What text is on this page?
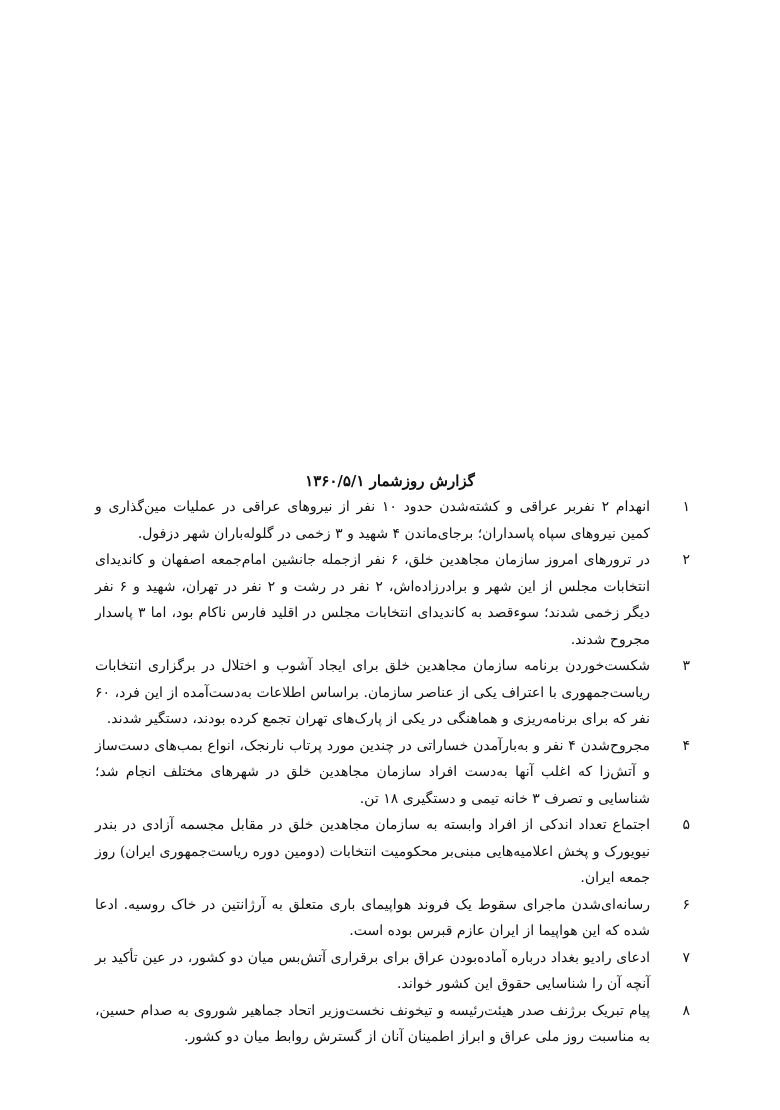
گزارش روزشمار ۱۳۶۰/۵/۱
۱
انهدام ۲ نفربر عراقی و کشته‌شدن حدود ۱۰ نفر از نیروهای عراقی در عملیات مین‌گذاری و کمین نیروهای سپاه پاسداران؛ برجای‌ماندن ۴ شهید و ۳ زخمی در گلوله‌باران شهر دزفول.
۲
در ترورهای امروز سازمان مجاهدین خلق، ۶ نفر ازجمله جانشین امام‌جمعه اصفهان و کاندیدای انتخابات مجلس از این شهر و برادرزاده‌اش، ۲ نفر در رشت و ۲ نفر در تهران، شهید و ۶ نفر دیگر زخمی شدند؛ سوءقصد به کاندیدای انتخابات مجلس در اقلید فارس ناکام بود، اما ۳ پاسدار مجروح شدند.
۳
شکست‌خوردن برنامه سازمان مجاهدین خلق برای ایجاد آشوب و اختلال در برگزاری انتخابات ریاست‌جمهوری با اعتراف یکی از عناصر سازمان. براساس اطلاعات به‌دست‌آمده از این فرد، ۶۰ نفر که برای برنامه‌ریزی و هماهنگی در یکی از پارک‌های تهران تجمع کرده بودند، دستگیر شدند.
۴
مجروح‌شدن ۴ نفر و به‌بارآمدن خساراتی در چندین مورد پرتاب نارنجک، انواع بمب‌های دست‌ساز و آتش‌زا که اغلب آنها به‌دست افراد سازمان مجاهدین خلق در شهرهای مختلف انجام شد؛ شناسایی و تصرف ۳ خانه تیمی و دستگیری ۱۸ تن.
۵
اجتماع تعداد اندکی از افراد وابسته به سازمان مجاهدین خلق در مقابل مجسمه آزادی در بندر نیویورک و پخش اعلامیه‌هایی مبنی‌بر محکومیت انتخابات (دومین دوره ریاست‌جمهوری ایران) روز جمعه ایران.
۶
رسانه‌ای‌شدن ماجرای سقوط یک فروند هواپیمای باری متعلق به آرژانتین در خاک روسیه. ادعا شده که این هواپیما از ایران عازم قبرس بوده است.
۷
ادعای رادیو بغداد درباره آماده‌بودن عراق برای برقراری آتش‌بس میان دو کشور، در عین تأکید بر آنچه آن را شناسایی حقوق این کشور خواند.
۸
پیام تبریک برژنف صدر هیئت‌رئیسه و تیخونف نخست‌وزیر اتحاد جماهیر شوروی به صدام حسین، به مناسبت روز ملی عراق و ابراز اطمینان آنان از گسترش روابط میان دو کشور.
